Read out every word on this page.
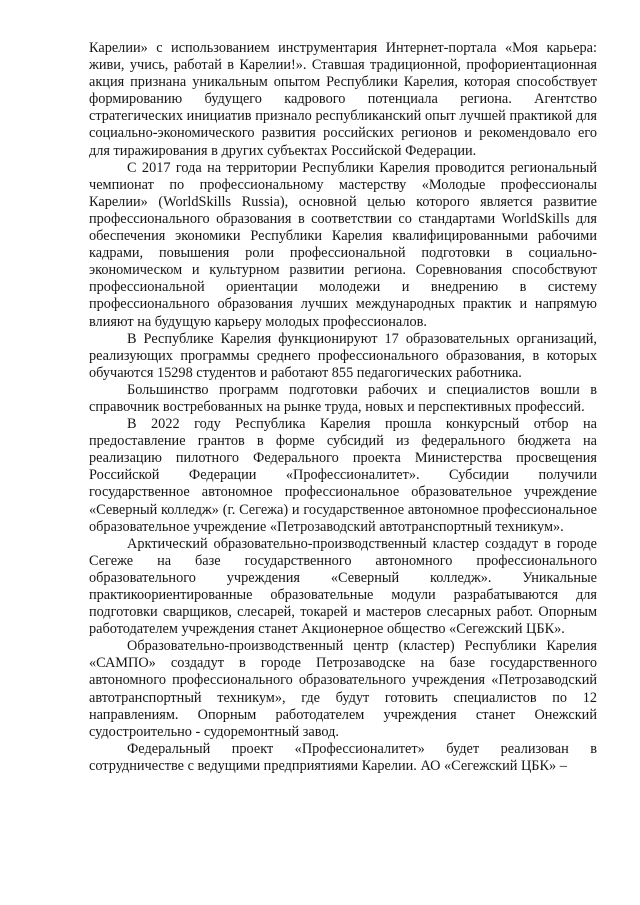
Карелии» с использованием инструментария Интернет-портала «Моя карьера: живи, учись, работай в Карелии!». Ставшая традиционной, профориентационная акция признана уникальным опытом Республики Карелия, которая способствует формированию будущего кадрового потенциала региона. Агентство стратегических инициатив признало республиканский опыт лучшей практикой для социально-экономического развития российских регионов и рекомендовало его для тиражирования в других субъектах Российской Федерации.

С 2017 года на территории Республики Карелия проводится региональный чемпионат по профессиональному мастерству «Молодые профессионалы Карелии» (WorldSkills Russia), основной целью которого является развитие профессионального образования в соответствии со стандартами WorldSkills для обеспечения экономики Республики Карелия квалифицированными рабочими кадрами, повышения роли профессиональной подготовки в социально-экономическом и культурном развитии региона. Соревнования способствуют профессиональной ориентации молодежи и внедрению в систему профессионального образования лучших международных практик и напрямую влияют на будущую карьеру молодых профессионалов.

В Республике Карелия функционируют 17 образовательных организаций, реализующих программы среднего профессионального образования, в которых обучаются 15298 студентов и работают 855 педагогических работника.

Большинство программ подготовки рабочих и специалистов вошли в справочник востребованных на рынке труда, новых и перспективных профессий.

В 2022 году Республика Карелия прошла конкурсный отбор на предоставление грантов в форме субсидий из федерального бюджета на реализацию пилотного Федерального проекта Министерства просвещения Российской Федерации «Профессионалитет». Субсидии получили государственное автономное профессиональное образовательное учреждение «Северный колледж» (г. Сегежа) и государственное автономное профессиональное образовательное учреждение «Петрозаводский автотранспортный техникум».

Арктический образовательно-производственный кластер создадут в городе Сегеже на базе государственного автономного профессионального образовательного учреждения «Северный колледж». Уникальные практикоориентированные образовательные модули разрабатываются для подготовки сварщиков, слесарей, токарей и мастеров слесарных работ. Опорным работодателем учреждения станет Акционерное общество «Сегежский ЦБК».

Образовательно-производственный центр (кластер) Республики Карелия «САМПО» создадут в городе Петрозаводске на базе государственного автономного профессионального образовательного учреждения «Петрозаводский автотранспортный техникум», где будут готовить специалистов по 12 направлениям. Опорным работодателем учреждения станет Онежский судостроительно - судоремонтный завод.

Федеральный проект «Профессионалитет» будет реализован в сотрудничестве с ведущими предприятиями Карелии. АО «Сегежский ЦБК» –
